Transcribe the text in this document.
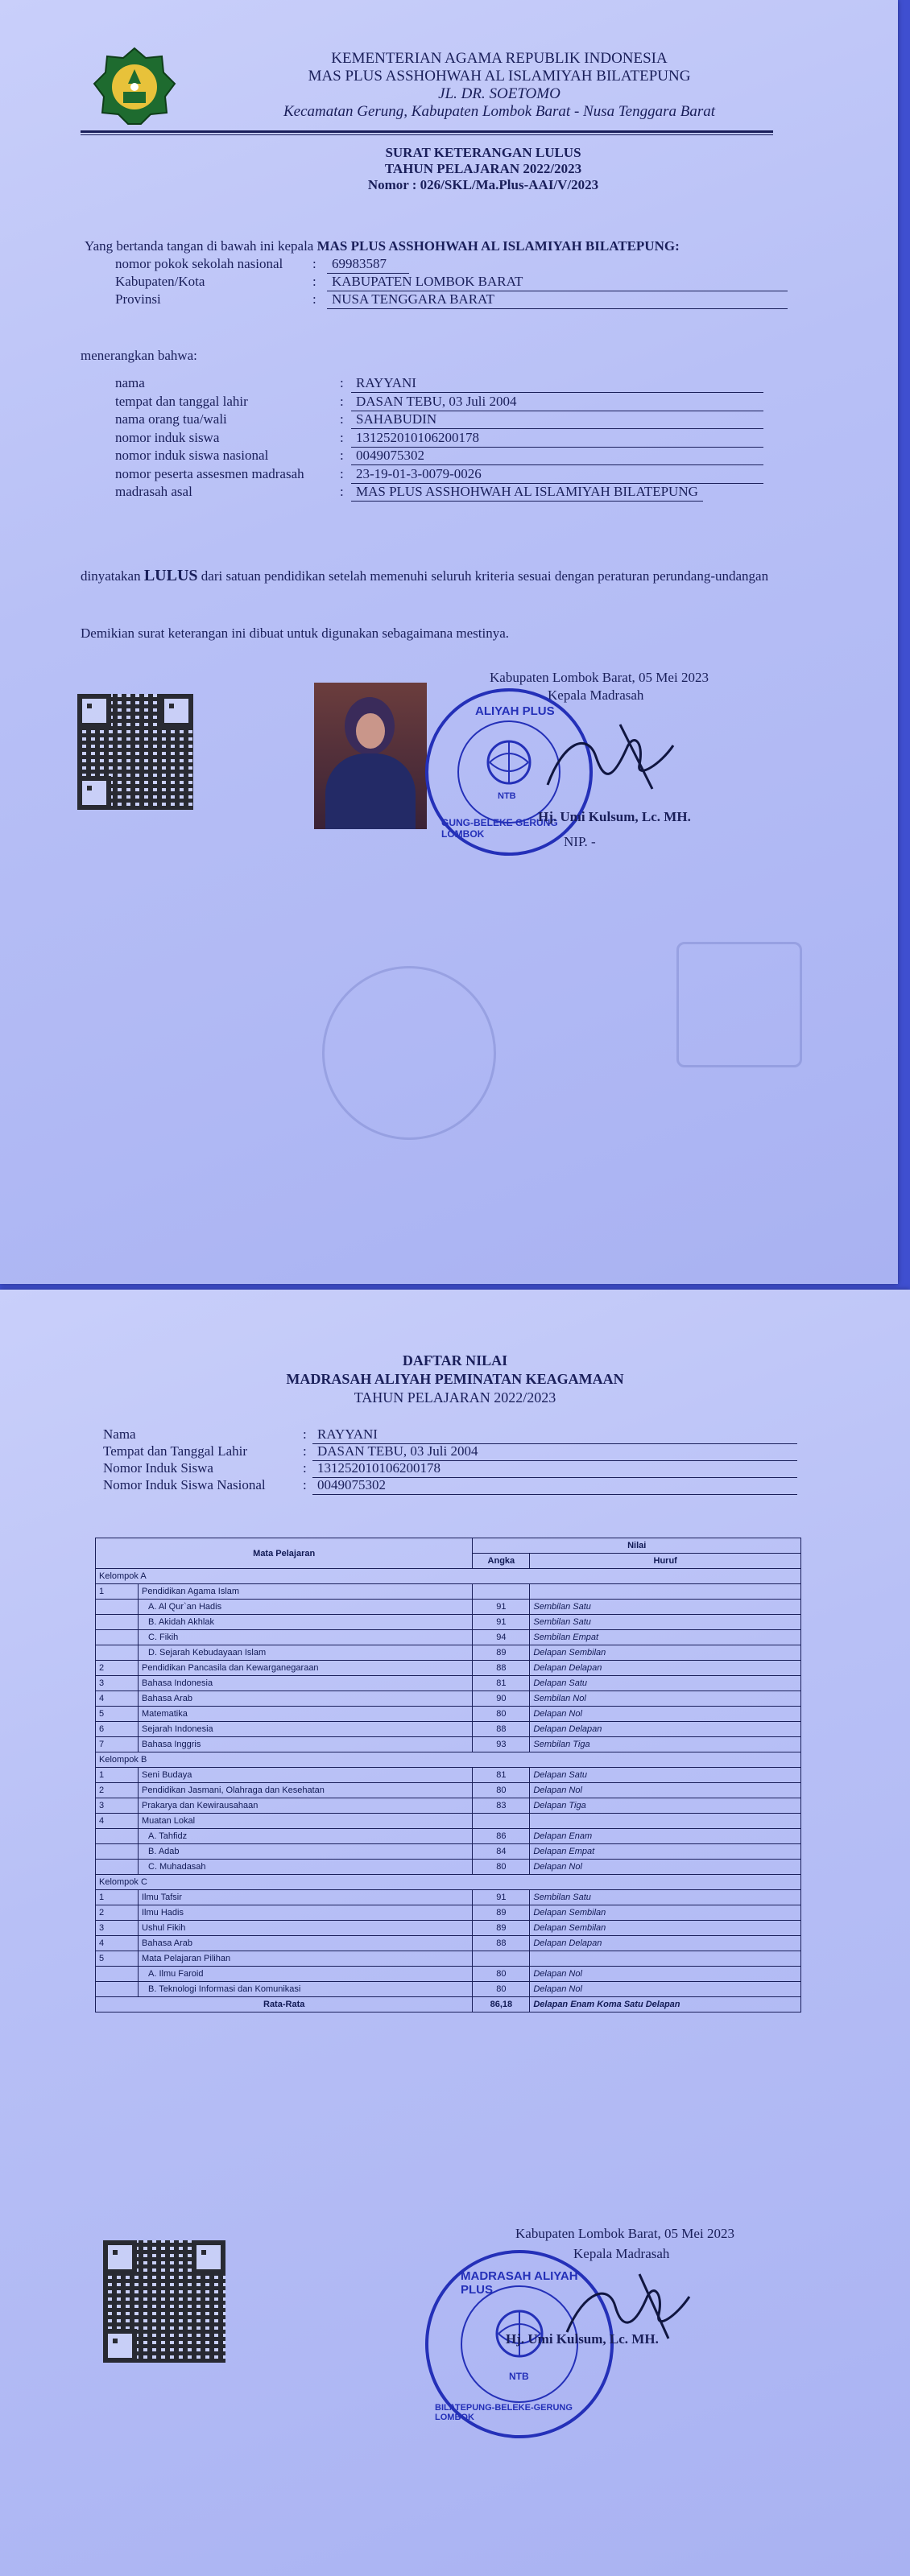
KEMENTERIAN AGAMA REPUBLIK INDONESIA
MAS PLUS ASSHOHWAH AL ISLAMIYAH BILATEPUNG
JL. DR. SOETOMO
Kecamatan Gerung, Kabupaten Lombok Barat - Nusa Tenggara Barat
SURAT KETERANGAN LULUS
TAHUN PELAJARAN 2022/2023
Nomor : 026/SKL/Ma.Plus-AAI/V/2023
Yang bertanda tangan di bawah ini kepala MAS PLUS ASSHOHWAH AL ISLAMIYAH BILATEPUNG:
nomor pokok sekolah nasional :	69983587
Kabupaten/Kota	:	KABUPATEN LOMBOK BARAT
Provinsi	:	NUSA TENGGARA BARAT
menerangkan bahwa:
nama	: RAYYANI
tempat dan tanggal lahir	: DASAN TEBU, 03 Juli 2004
nama orang tua/wali	: SAHABUDIN
nomor induk siswa	: 131252010106200178
nomor induk siswa nasional	: 0049075302
nomor peserta assesmen madrasah	: 23-19-01-3-0079-0026
madrasah asal	: MAS PLUS ASSHOHWAH AL ISLAMIYAH BILATEPUNG
dinyatakan LULUS dari satuan pendidikan setelah memenuhi seluruh kriteria sesuai dengan peraturan perundang-undangan
Demikian surat keterangan ini dibuat untuk digunakan sebagaimana mestinya.
Kabupaten Lombok Barat, 05 Mei 2023
Kepala Madrasah
ALIYAH PLUS
GUNG-BELEKE GERUNG LOMBOK
NTB
Hj. Umi Kulsum, Lc. MH.
NIP. -
DAFTAR NILAI
MADRASAH ALIYAH PEMINATAN KEAGAMAAN
TAHUN PELAJARAN 2022/2023
Nama	: RAYYANI
Tempat dan Tanggal Lahir	: DASAN TEBU, 03 Juli 2004
Nomor Induk Siswa	: 131252010106200178
Nomor Induk Siswa Nasional	: 0049075302
Mata Pelajaran		Nilai	
		Angka	Huruf
Kelompok A			
1	Pendidikan Agama Islam		
	A. Al Qur`an Hadis	91	Sembilan Satu
	B. Akidah Akhlak	91	Sembilan Satu
	C. Fikih	94	Sembilan Empat
	D. Sejarah Kebudayaan Islam	89	Delapan Sembilan
2	Pendidikan Pancasila dan Kewarganegaraan	88	Delapan Delapan
3	Bahasa Indonesia	81	Delapan Satu
4	Bahasa Arab	90	Sembilan Nol
5	Matematika	80	Delapan Nol
6	Sejarah Indonesia	88	Delapan Delapan
7	Bahasa Inggris	93	Sembilan Tiga
Kelompok B			
1	Seni Budaya	81	Delapan Satu
2	Pendidikan Jasmani, Olahraga dan Kesehatan	80	Delapan Nol
3	Prakarya dan Kewirausahaan	83	Delapan Tiga
4	Muatan Lokal		
	A. Tahfidz	86	Delapan Enam
	B. Adab	84	Delapan Empat
	C. Muhadasah	80	Delapan Nol
Kelompok C			
1	Ilmu Tafsir	91	Sembilan Satu
2	Ilmu Hadis	89	Delapan Sembilan
3	Ushul Fikih	89	Delapan Sembilan
4	Bahasa Arab	88	Delapan Delapan
5	Mata Pelajaran Pilihan		
	A. Ilmu Faroid	80	Delapan Nol
	B. Teknologi Informasi dan Komunikasi	80	Delapan Nol
Rata-Rata		86,18	Delapan Enam Koma Satu Delapan
Kabupaten Lombok Barat, 05 Mei 2023
Kepala Madrasah
MADRASAH ALIYAH PLUS
BILATEPUNG-BELEKE-GERUNG LOMBOK
NTB
Hj. Umi Kulsum, Lc. MH.
